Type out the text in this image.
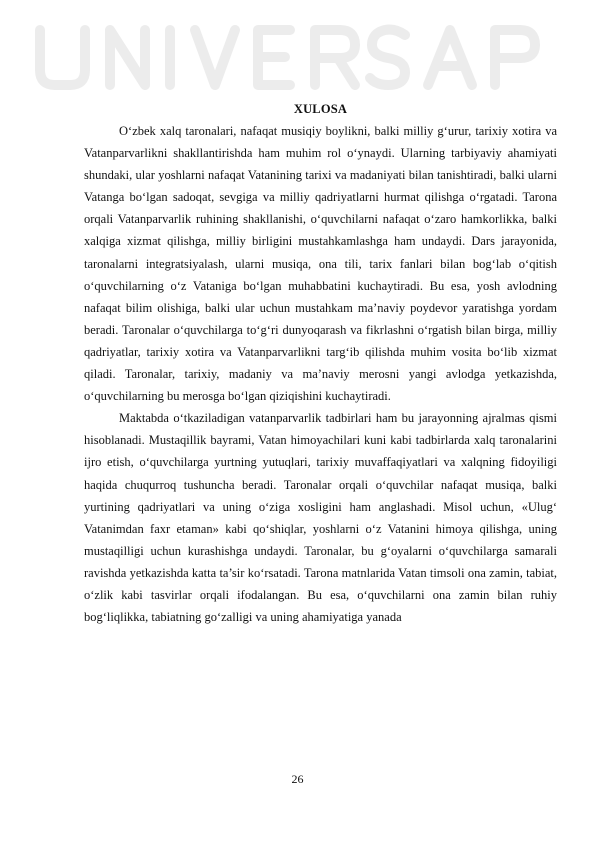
XULOSA

O‘zbek xalq taronalari, nafaqat musiqiy boylikni, balki milliy g‘urur, tarixiy xotira va Vatanparvarlikni shakllantirishda ham muhim rol o‘ynaydi. Ularning tarbiyaviy ahamiyati shundaki, ular yoshlarni nafaqat Vatanining tarixi va madaniyati bilan tanishtiradi, balki ularni Vatanga bo‘lgan sadoqat, sevgiga va milliy qadriyatlarni hurmat qilishga o‘rgatadi. Tarona orqali Vatanparvarlik ruhining shakllanishi, o‘quvchilarni nafaqat o‘zaro hamkorlikka, balki xalqiga xizmat qilishga, milliy birligini mustahkamlashga ham undaydi. Dars jarayonida, taronalarni integratsiyalash, ularni musiqa, ona tili, tarix fanlari bilan bog‘lab o‘qitish o‘quvchilarning o‘z Vataniga bo‘lgan muhabbatini kuchaytiradi. Bu esa, yosh avlodning nafaqat bilim olishiga, balki ular uchun mustahkam ma’naviy poydevor yaratishga yordam beradi. Taronalar o‘quvchilarga to‘g‘ri dunyoqarash va fikrlashni o‘rgatish bilan birga, milliy qadriyatlar, tarixiy xotira va Vatanparvarlikni targ‘ib qilishda muhim vosita bo‘lib xizmat qiladi. Taronalar, tarixiy, madaniy va ma’naviy merosni yangi avlodga yetkazishda, o‘quvchilarning bu merosga bo‘lgan qiziqishini kuchaytiradi.

Maktabda o‘tkaziladigan vatanparvarlik tadbirlari ham bu jarayonning ajralmas qismi hisoblanadi. Mustaqillik bayrami, Vatan himoyachilari kuni kabi tadbirlarda xalq taronalarini ijro etish, o‘quvchilarga yurtning yutuqlari, tarixiy muvaffaqiyatlari va xalqning fidoyiligi haqida chuqurroq tushuncha beradi. Taronalar orqali o‘quvchilar nafaqat musiqa, balki yurtining qadriyatlari va uning o‘ziga xosligini ham anglashadi. Misol uchun, «Ulug‘ Vatanimdan faxr etaman» kabi qo‘shiqlar, yoshlarni o‘z Vatanini himoya qilishga, uning mustaqilligi uchun kurashishga undaydi. Taronalar, bu g‘oyalarni o‘quvchilarga samarali ravishda yetkazishda katta ta’sir ko‘rsatadi. Tarona matnlarida Vatan timsoli ona zamin, tabiat, o‘zlik kabi tasvirlar orqali ifodalangan. Bu esa, o‘quvchilarni ona zamin bilan ruhiy bog‘liqlikka, tabiatning go‘zalligi va uning ahamiyatiga yanada

26
